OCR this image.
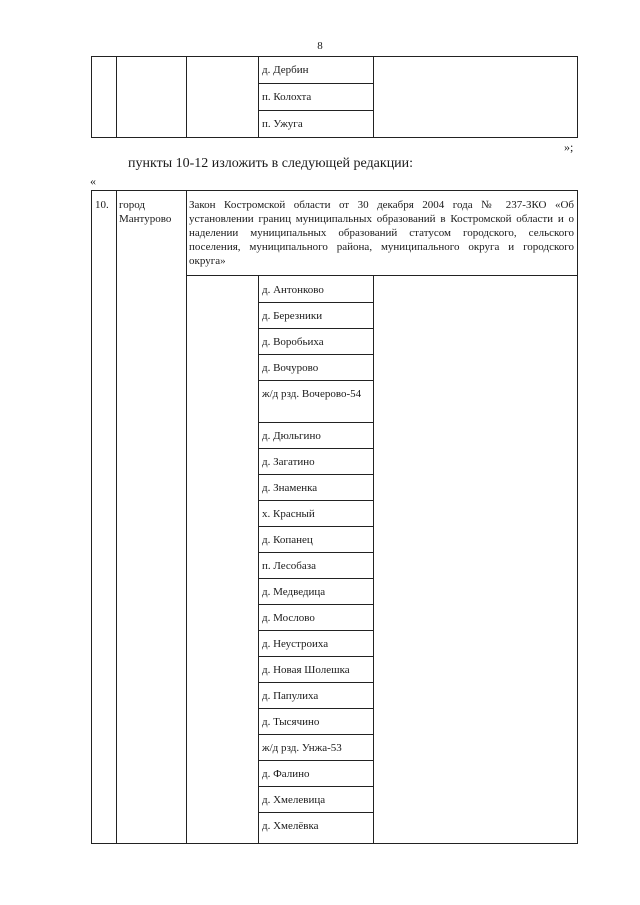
8
д. Дербин
п. Колохта
п. Ужуга
»;
пункты 10-12 изложить в следующей редакции:
«
10. город Мантурово
Закон Костромской области от 30 декабря 2004 года № 237-ЗКО «Об установлении границ муниципальных образований в Костромской области и о наделении муниципальных образований статусом городского, сельского поселения, муниципального района, муниципального округа и городского округа»
д. Антонково
д. Березники
д. Воробьиха
д. Вочурово
ж/д рзд. Вочерово-54
д. Дюльгино
д. Загатино
д. Знаменка
х. Красный
д. Копанец
п. Лесобаза
д. Медведица
д. Мослово
д. Неустроиха
д. Новая Шолешка
д. Папулиха
д. Тысячино
ж/д рзд. Унжа-53
д. Фалино
д. Хмелевица
д. Хмелёвка
